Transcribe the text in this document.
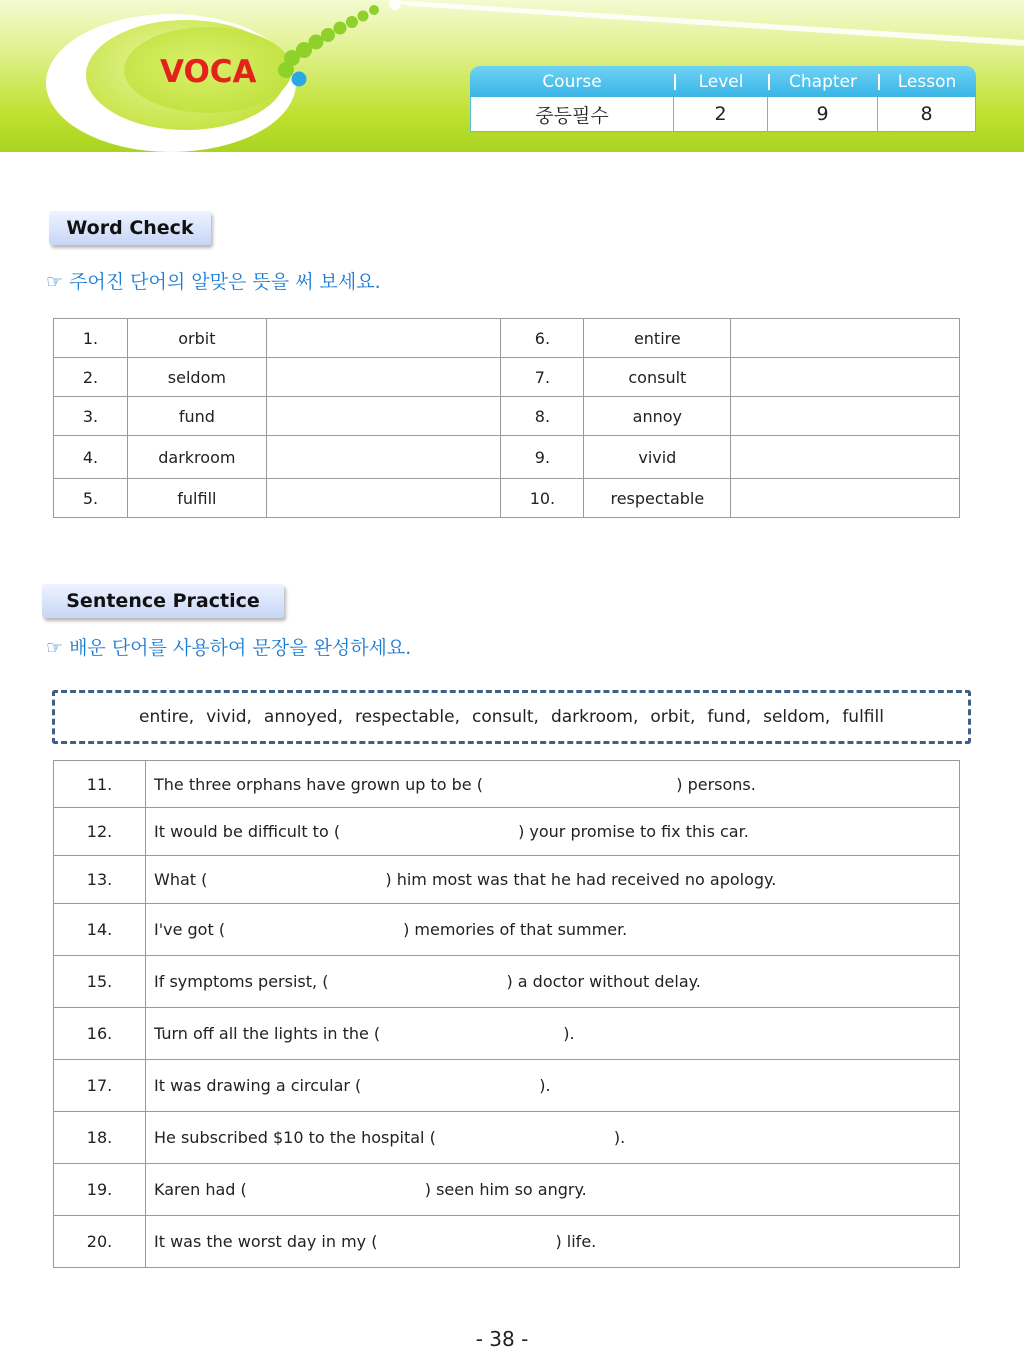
VOCA	Course	Level	Chapter	Lesson
중등필수	2	9	8
Word Check
☞ 주어진 단어의 알맞은 뜻을 써 보세요.
1.	orbit		6.	entire	
2.	seldom		7.	consult	
3.	fund		8.	annoy	
4.	darkroom		9.	vivid	
5.	fulfill		10.	respectable	
Sentence Practice
☞ 배운 단어를 사용하여 문장을 완성하세요.
entire, vivid, annoyed, respectable, consult, darkroom, orbit, fund, seldom, fulfill
11.	The three orphans have grown up to be (                                      ) persons.
12.	It would be difficult to (                                   ) your promise to fix this car.
13.	What (                                   ) him most was that he had received no apology.
14.	I've got (                                   ) memories of that summer.
15.	If symptoms persist, (                                   ) a doctor without delay.
16.	Turn off all the lights in the (                                    ).
17.	It was drawing a circular (                                   ).
18.	He subscribed $10 to the hospital (                                   ).
19.	Karen had (                                   ) seen him so angry.
20.	It was the worst day in my (                                   ) life.
- 38 -
